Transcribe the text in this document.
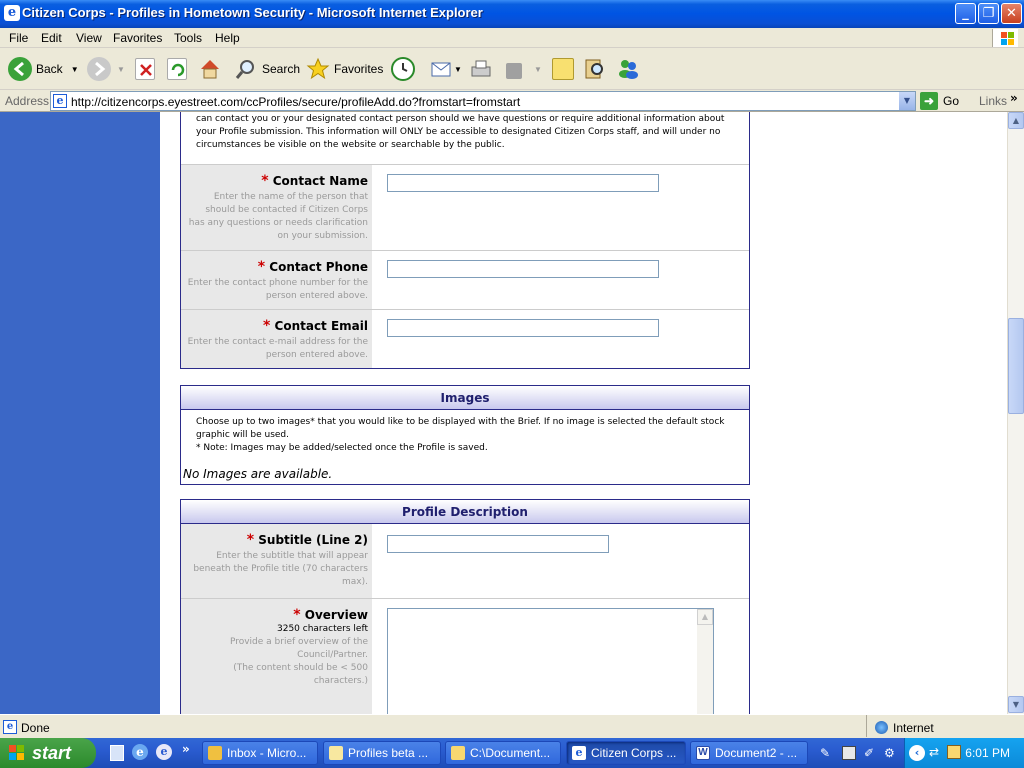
e Citizen Corps - Profiles in Hometown Security - Microsoft Internet Explorer	_	❐ ✕
File Edit View Favorites Tools Help
Back ▼	▼	Search	Favorites	▼	▼
Address e http://citizencorps.eyestreet.com/ccProfiles/secure/profileAdd.do?fromstart=fromstart	▼	➜ Go Links »
can contact you or your designated contact person should we have questions or require additional information about
your Profile submission. This information will ONLY be accessible to designated Citizen Corps staff, and will under no
circumstances be visible on the website or searchable by the public.
* Contact Name
Enter the name of the person that
should be contacted if Citizen Corps
has any questions or needs clarification
on your submission.
* Contact Phone
Enter the contact phone number for the
person entered above.
* Contact Email
Enter the contact e-mail address for the
person entered above.
Images
Choose up to two images* that you would like to be displayed with the Brief. If no image is selected the default stock
graphic will be used.
* Note: Images may be added/selected once the Profile is saved.
No Images are available.
Profile Description
* Subtitle (Line 2)
Enter the subtitle that will appear
beneath the Profile title (70 characters
max).
* Overview
3250 characters left
Provide a brief overview of the
Council/Partner.
(The content should be < 500
characters.)
▲
▲
▼
e Done	Internet
start	e	e	»	Inbox - Micro...	Profiles beta ...	C:\Document...	e Citizen Corps ...	W Document2 - ...	✎	✐ ⚙	‹ ⇄	6:01 PM
